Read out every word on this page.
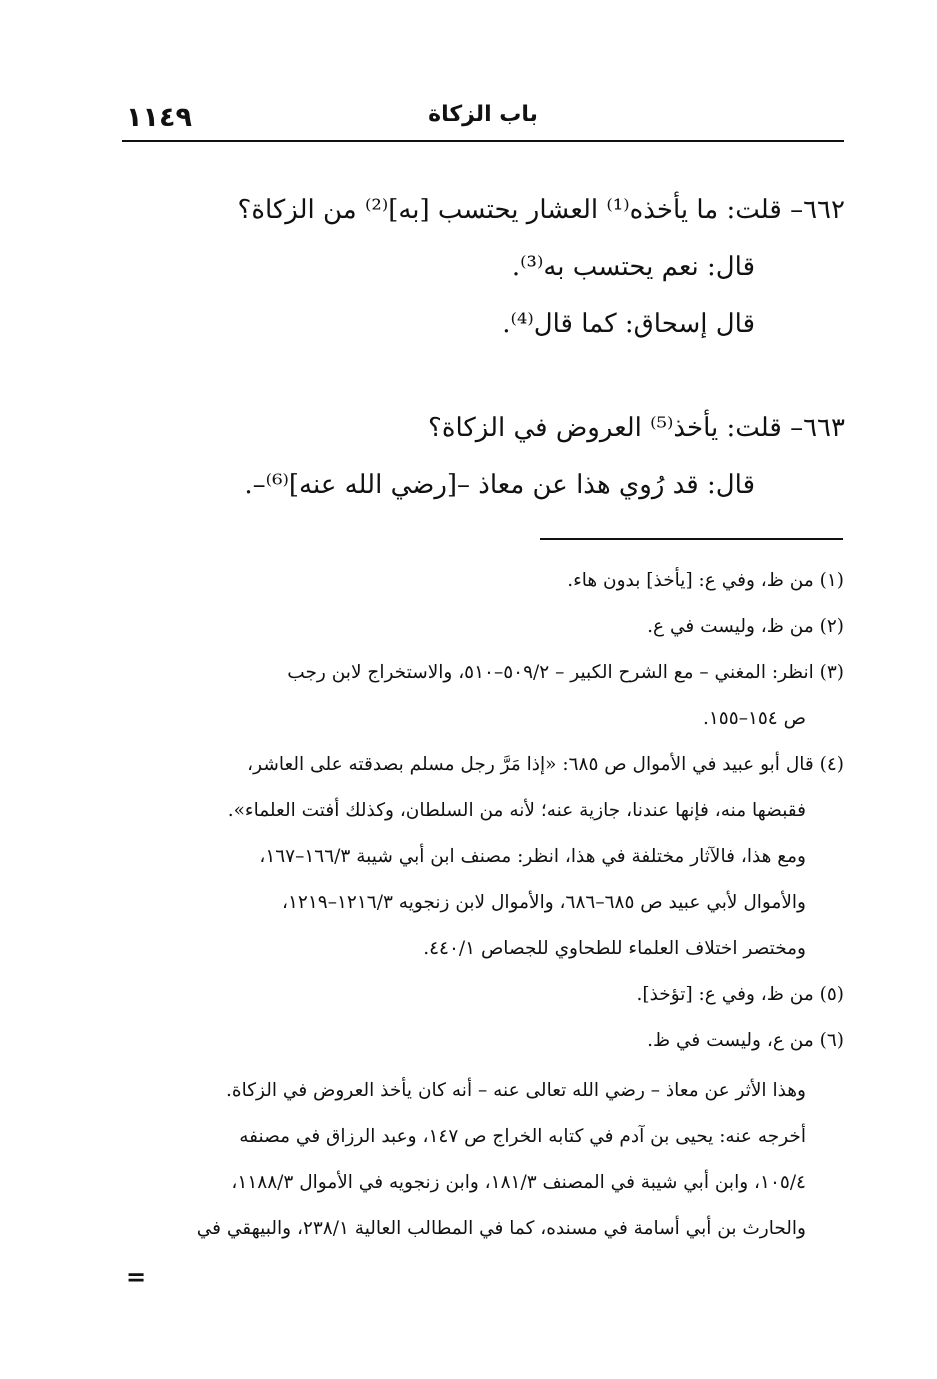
١١٤٩	باب الزكاة
٦٦٢– قلت: ما يأخذه⁽¹⁾ العشار يحتسب [به]⁽²⁾ من الزكاة؟
قال: نعم يحتسب به⁽³⁾.
قال إسحاق: كما قال⁽⁴⁾.
٦٦٣– قلت: يأخذ⁽⁵⁾ العروض في الزكاة؟
قال: قد رُوي هذا عن معاذ –[رضي الله عنه]⁽⁶⁾–.
(١) من ظ، وفي ع: [يأخذ] بدون هاء.
(٢) من ظ، وليست في ع.
(٣) انظر: المغني – مع الشرح الكبير – ٥٠٩/٢–٥١٠، والاستخراج لابن رجب
ص ١٥٤–١٥٥.
(٤) قال أبو عبيد في الأموال ص ٦٨٥: «إذا مَرَّ رجل مسلم بصدقته على العاشر،
فقبضها منه، فإنها عندنا، جازية عنه؛ لأنه من السلطان، وكذلك أفتت العلماء».
ومع هذا، فالآثار مختلفة في هذا، انظر: مصنف ابن أبي شيبة ١٦٦/٣–١٦٧،
والأموال لأبي عبيد ص ٦٨٥–٦٨٦، والأموال لابن زنجويه ١٢١٦/٣–١٢١٩،
ومختصر اختلاف العلماء للطحاوي للجصاص ٤٤٠/١.
(٥) من ظ، وفي ع: [تؤخذ].
(٦) من ع، وليست في ظ.
وهذا الأثر عن معاذ – رضي الله تعالى عنه – أنه كان يأخذ العروض في الزكاة.
أخرجه عنه: يحيى بن آدم في كتابه الخراج ص ١٤٧، وعبد الرزاق في مصنفه
١٠٥/٤، وابن أبي شيبة في المصنف ١٨١/٣، وابن زنجويه في الأموال ١١٨٨/٣،
والحارث بن أبي أسامة في مسنده، كما في المطالب العالية ٢٣٨/١، والبيهقي في
=
